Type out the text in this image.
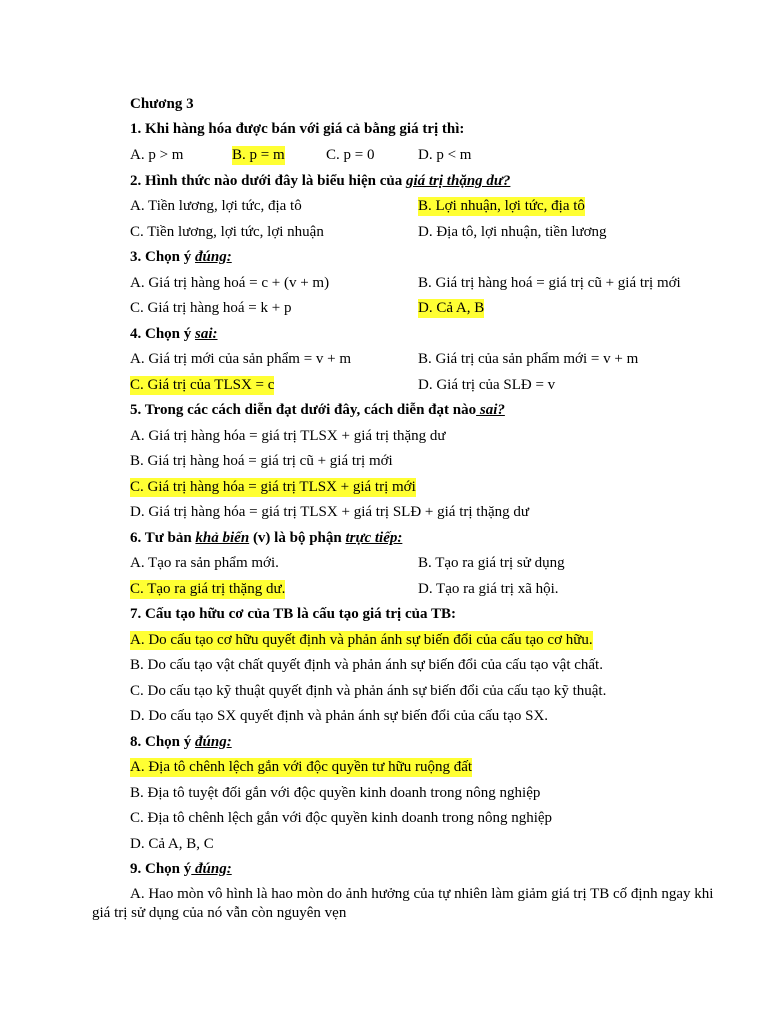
Chương 3
1. Khi hàng hóa được bán với giá cả bằng giá trị thì:
A. p > m	B. p = m	C. p = 0	D. p < m
2. Hình thức nào dưới đây là biểu hiện của giá trị thặng dư?
A. Tiền lương, lợi tức, địa tô	B. Lợi nhuận, lợi tức, địa tô
C. Tiền lương, lợi tức, lợi nhuận	D. Địa tô, lợi nhuận, tiền lương
3. Chọn ý đúng:
A. Giá trị hàng hoá = c + (v + m)	B. Giá trị hàng hoá = giá trị cũ + giá trị mới
C. Giá trị hàng hoá = k + p	D. Cả A, B
4. Chọn ý sai:
A. Giá trị mới của sản phẩm = v + m	B. Giá trị của sản phẩm mới = v + m
C. Giá trị của TLSX = c	D. Giá trị của SLĐ = v
5. Trong các cách diễn đạt dưới đây, cách diễn đạt nào sai?
A. Giá trị hàng hóa = giá trị TLSX + giá trị thặng dư
B. Giá trị hàng hoá = giá trị cũ + giá trị mới
C. Giá trị hàng hóa = giá trị TLSX + giá trị mới
D. Giá trị hàng hóa = giá trị TLSX + giá trị SLĐ + giá trị thặng dư
6. Tư bản khả biến (v) là bộ phận trực tiếp:
A. Tạo ra sản phẩm mới.	B. Tạo ra giá trị sử dụng
C. Tạo ra giá trị thặng dư.	D. Tạo ra giá trị xã hội.
7. Cấu tạo hữu cơ của TB là cấu tạo giá trị của TB:
A. Do cấu tạo cơ hữu quyết định và phản ánh sự biến đổi của cấu tạo cơ hữu.
B. Do cấu tạo vật chất quyết định và phản ánh sự biến đổi của cấu tạo vật chất.
C. Do cấu tạo kỹ thuật quyết định và phản ánh sự biến đổi của cấu tạo kỹ thuật.
D. Do cấu tạo SX quyết định và phản ánh sự biến đổi của cấu tạo SX.
8. Chọn ý đúng:
A. Địa tô chênh lệch gắn với độc quyền tư hữu ruộng đất
B. Địa tô tuyệt đối gắn với độc quyền kinh doanh trong nông nghiệp
C. Địa tô chênh lệch gắn với độc quyền kinh doanh trong nông nghiệp
D. Cả A, B, C
9. Chọn ý đúng:
A. Hao mòn vô hình là hao mòn do ảnh hưởng của tự nhiên làm giảm giá trị TB cố định ngay khi giá trị sử dụng của nó vẫn còn nguyên vẹn
